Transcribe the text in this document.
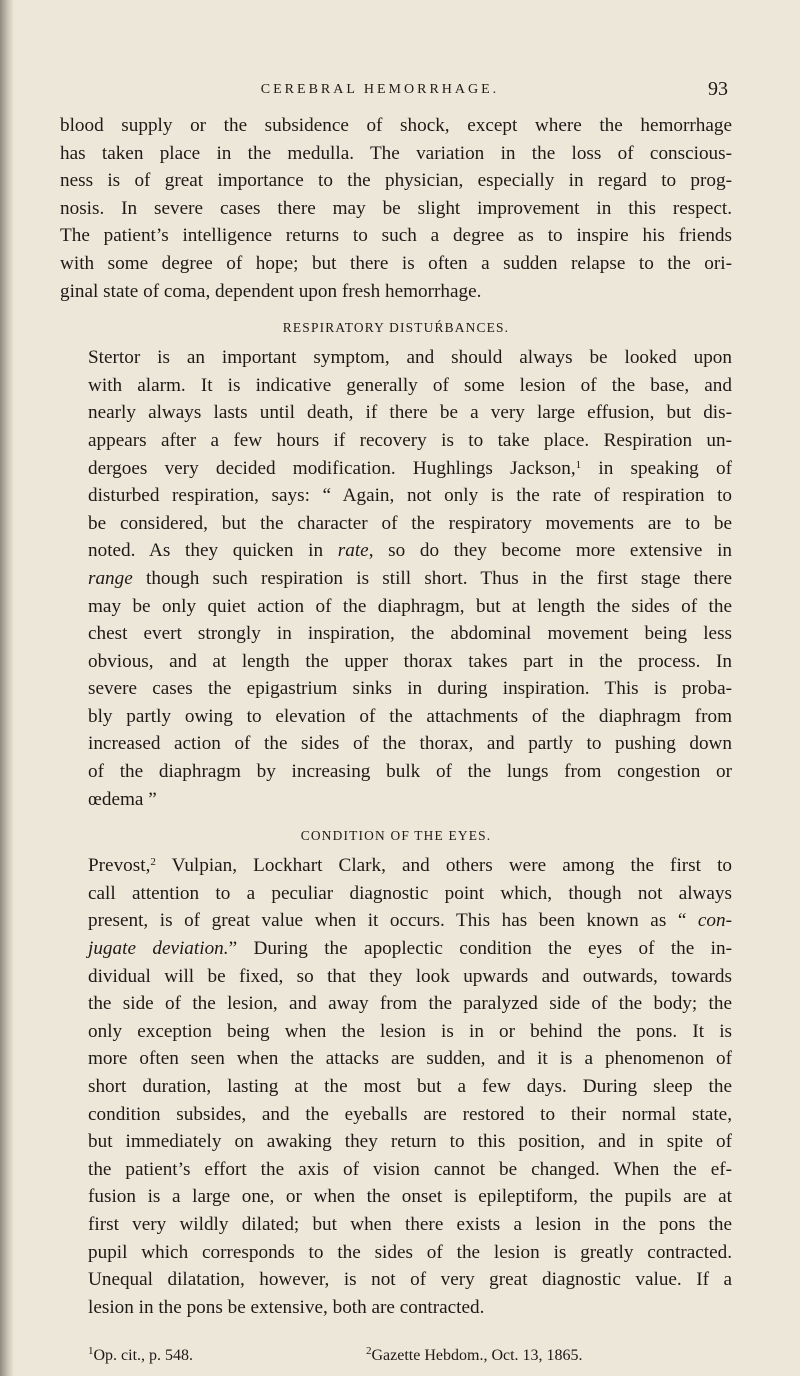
CEREBRAL HEMORRHAGE.	93

blood supply or the subsidence of shock, except where the hemorrhage
has taken place in the medulla. The variation in the loss of conscious-
ness is of great importance to the physician, especially in regard to prog-
nosis. In severe cases there may be slight improvement in this respect.
The patient’s intelligence returns to such a degree as to inspire his friends
with some degree of hope; but there is often a sudden relapse to the ori-
ginal state of coma, dependent upon fresh hemorrhage.

RESPIRATORY DISTUŔBANCES.

Stertor is an important symptom, and should always be looked upon
with alarm. It is indicative generally of some lesion of the base, and
nearly always lasts until death, if there be a very large effusion, but dis-
appears after a few hours if recovery is to take place. Respiration un-
dergoes very decided modification. Hughlings Jackson,$^1$ in speaking of
disturbed respiration, says: “ Again, not only is the rate of respiration to
be considered, but the character of the respiratory movements are to be
noted. As they quicken in rate, so do they become more extensive in
range though such respiration is still short. Thus in the first stage there
may be only quiet action of the diaphragm, but at length the sides of the
chest evert strongly in inspiration, the abdominal movement being less
obvious, and at length the upper thorax takes part in the process. In
severe cases the epigastrium sinks in during inspiration. This is proba-
bly partly owing to elevation of the attachments of the diaphragm from
increased action of the sides of the thorax, and partly to pushing down
of the diaphragm by increasing bulk of the lungs from congestion or
œdema ”

CONDITION OF THE EYES.

Prevost,$^2$ Vulpian, Lockhart Clark, and others were among the first to
call attention to a peculiar diagnostic point which, though not always
present, is of great value when it occurs. This has been known as “ con-
jugate deviation.” During the apoplectic condition the eyes of the in-
dividual will be fixed, so that they look upwards and outwards, towards
the side of the lesion, and away from the paralyzed side of the body; the
only exception being when the lesion is in or behind the pons. It is
more often seen when the attacks are sudden, and it is a phenomenon of
short duration, lasting at the most but a few days. During sleep the
condition subsides, and the eyeballs are restored to their normal state,
but immediately on awaking they return to this position, and in spite of
the patient’s effort the axis of vision cannot be changed. When the ef-
fusion is a large one, or when the onset is epileptiform, the pupils are at
first very wildly dilated; but when there exists a lesion in the pons the
pupil which corresponds to the sides of the lesion is greatly contracted.
Unequal dilatation, however, is not of very great diagnostic value. If a
lesion in the pons be extensive, both are contracted.

$^1$Op. cit., p. 548.	$^2$Gazette Hebdom., Oct. 13, 1865.
